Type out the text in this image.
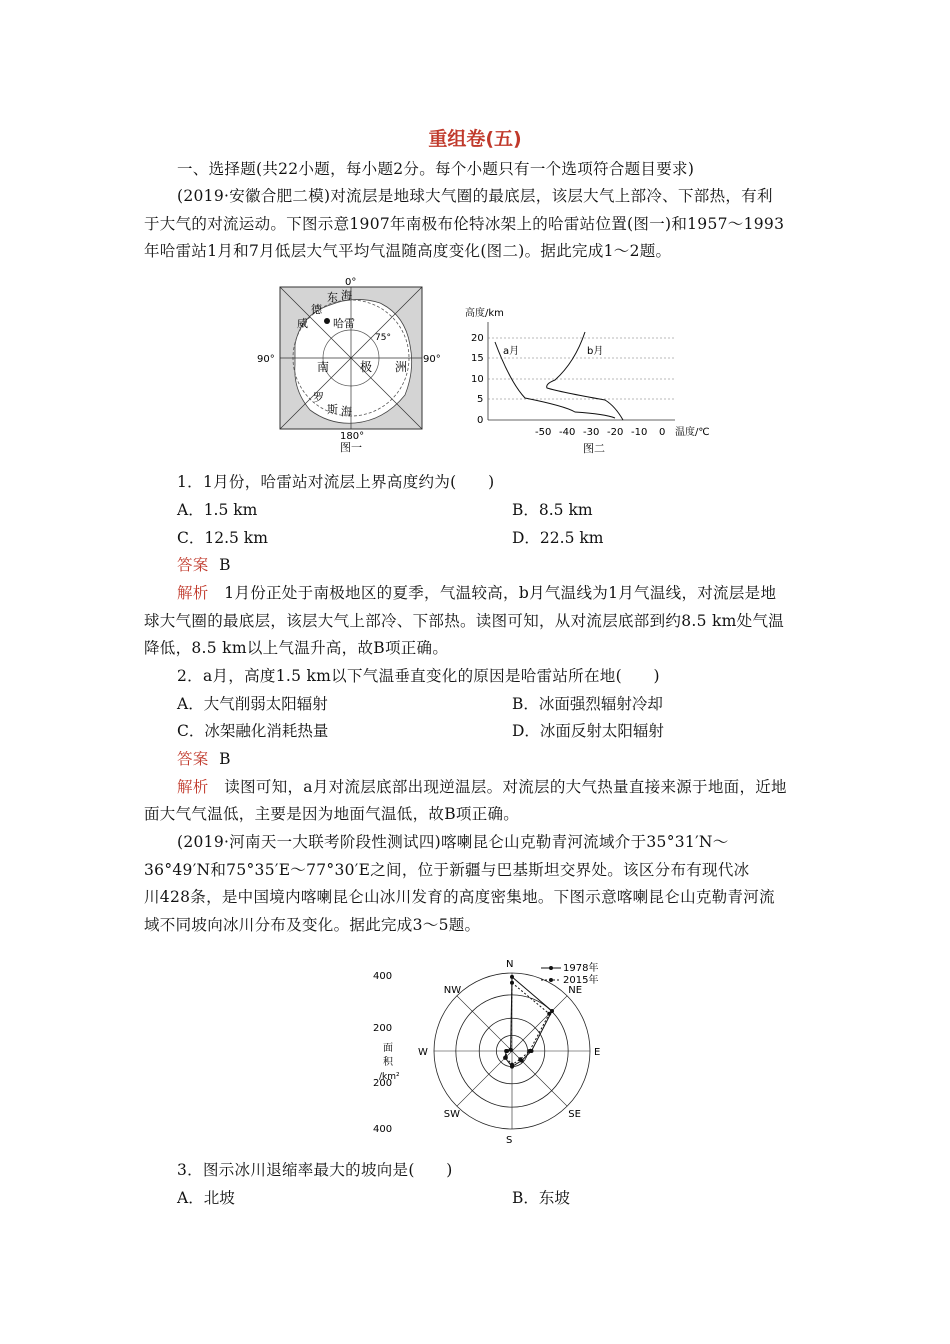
重组卷(五)
一、选择题(共22小题，每小题2分。每个小题只有一个选项符合题目要求)
(2019·安徽合肥二模)对流层是地球大气圈的最底层，该层大气上部冷、下部热，有利
于大气的对流运动。下图示意1907年南极布伦特冰架上的哈雷站位置(图一)和1957～1993
年哈雷站1月和7月低层大气平均气温随高度变化(图二)。据此完成1～2题。
0°
180°
90°	90°
德
东 海
威 哈雷
75°
南	极 洲
罗
斯 海
图一
高度/km
20
15
10
5
0
a月	b月
-50 -40 -30 -20 -10 0 温度/℃
图二
1．1月份，哈雷站对流层上界高度约为(　　)
A．1.5 km	B．8.5 km
C．12.5 km	D．22.5 km
答案 B
解析 1月份正处于南极地区的夏季，气温较高，b月气温线为1月气温线，对流层是地
球大气圈的最底层，该层大气上部冷、下部热。读图可知，从对流层底部到约8.5 km处气温
降低，8.5 km以上气温升高，故B项正确。
2．a月，高度1.5 km以下气温垂直变化的原因是哈雷站所在地(　　)
A．大气削弱太阳辐射	B．冰面强烈辐射冷却
C．冰架融化消耗热量	D．冰面反射太阳辐射
答案 B
解析 读图可知，a月对流层底部出现逆温层。对流层的大气热量直接来源于地面，近地
面大气气温低，主要是因为地面气温低，故B项正确。
(2019·河南天一大联考阶段性测试四)喀喇昆仑山克勒青河流域介于35°31′N～
36°49′N和75°35′E～77°30′E之间，位于新疆与巴基斯坦交界处。该区分布有现代冰
川428条，是中国境内喀喇昆仑山冰川发育的高度密集地。下图示意喀喇昆仑山克勒青河流
域不同坡向冰川分布及变化。据此完成3～5题。
N
NE
E
SE
S
SW
W
NW
400
200
200
400
面
积
/km²
1978年
2015年
3．图示冰川退缩率最大的坡向是(　　)
A．北坡	B．东坡
